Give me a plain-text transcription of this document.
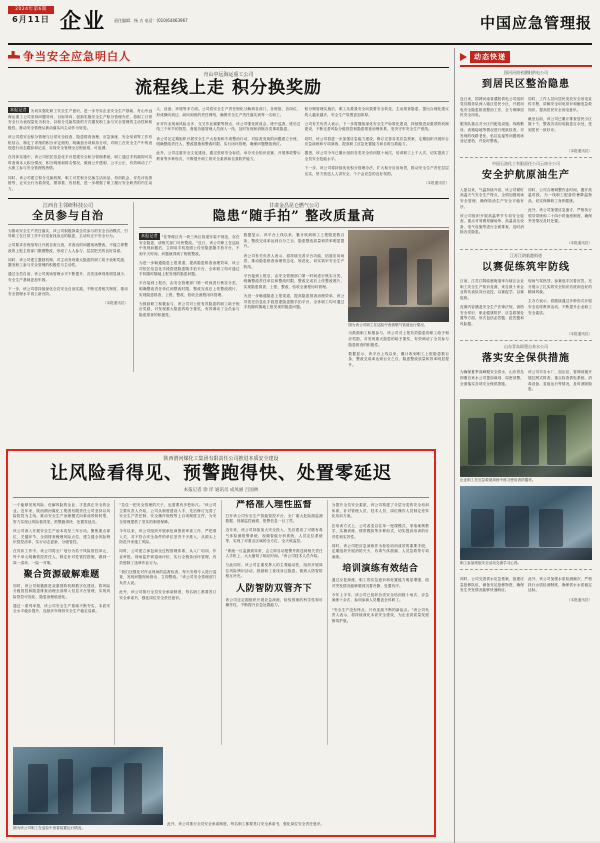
2024年第6期
6月11日 企业 责任编辑：杨 吉 电话：(010)64463967	中国应急管理报
争当安全应急明白人
舟山中远海运重工公司
流程线上走 积分换奖励

本报记者 为切实强化职工安全生产意识，进一步夯实企业安全生产基础，舟山中远海运重工公司坚持问题导向、目标导向，创新实施安全生产积分管理办法，将职工日常安全行为表现量化为积分，以积分兑换奖励的方式激发职工参与安全管理的主动性和积极性，推动安全管理从被动落实向主动作为转变。

该公司将安全积分管理与日常安全检查、隐患排查治理、应急演练、安全培训等工作有机结合，制定了详细的积分评定细则，明确加分项和扣分项，对职工在安全生产中的表现进行动态跟踪和记录，实现安全管理全过程留痕、可追溯。

在具体实施中，该公司依托信息化平台搭建安全积分管理系统，职工通过手机端即可实时查询本人积分情况、积分明细和排名情况，做到公开透明、公平公正，有效调动了广大职工参与安全管理的热情。

同时，该公司建立积分兑换机制，职工可凭积分兑换生活用品、培训机会、评先评优资格等，让安全行为看得见、摸得着、有回报，进一步增强了职工履行安全职责的内生动力。

人、设备、环境等多方面。公司将安全生产责任细化分解到各部门、各班组、各岗位，形成横向到边、纵向到底的责任网络，确保安全生产责任落实到每一名职工。

针对作业现场风险点多、交叉作业频繁等特点，该公司强化班前会、班中巡查、班后总结三个环节的管控，督促各级管理人员深入一线，及时发现和消除各类事故隐患。

该公司还定期组织开展安全生产大检查和专项整治行动，对检查发现的问题建立台账，明确整改责任人、整改措施和整改时限，实行闭环管理，确保问题整改到位。

此外，公司注重安全文化建设，通过张贴安全标语、举办安全知识竞赛、开展事故警示教育等多种形式，不断提升职工的安全素养和自我防护能力。

积分制管理实施后，职工从要我安全向我要安全转变，主动排查隐患、提出合理化建议的人越来越多，安全生产氛围更加浓厚。

公司有关负责人表示，下一步将继续深化安全生产标准化建设，持续推进双重预防机制建设，不断完善风险分级管控和隐患排查治理体系，坚决守牢安全生产底线。

同时，该公司将进一步加强应急能力建设，修订完善各类应急预案，定期组织开展综合应急演练和专项演练，提高职工应急处置能力和自救互救能力。

据悉，该公司今年已累计组织各类安全培训数十场次，培训职工上千人次，切实提高了全员安全技能水平。

下一步，该公司将持续优化积分管理办法，扩大积分应用场景，推动安全生产责任层层压实，努力营造人人讲安全、个个会应急的良好氛围。

（本报通讯员）
江西自主邻研科技公司
全员参与自治

为推动安全生产责任落实，该公司积极探索全员参与的安全自治模式，引导职工在日常工作中自觉查找身边的隐患，主动纠正不安全行为。

公司要求各班组每日开展自查互查，对查出的问题现场整改，不能立即整改的上报主管部门限期整改，形成了人人参与、层层把关的良好局面。

同时，该公司建立激励机制，对主动发现重大隐患的职工给予表彰奖励，激发职工参与安全管理的积极性与主动性。

通过全员自治，该公司现场管理水平不断提升，各类违章现象明显减少，安全生产基础更加牢固。

下一步，该公司将持续深化全员安全自治实践，不断完善相关制度，推动安全管理水平再上新台阶。

（本报通讯员）
甘肃金昌昆仑燃气公司
隐患“随手拍” 整改质量高

本报记者 “在等候区有一块三角区管道安装不规范，存在安全隐患，请相关部门尽快整改。”近日，该公司职工在巡检中发现问题后，立即用手机拍照上传至隐患随手拍平台，不到半天时间，问题就得到了彻底整改。

为进一步畅通隐患上报渠道，提高隐患排查治理效率，该公司依托信息化手段搭建隐患随手拍平台，全体职工均可通过手机随时随地上报发现的隐患问题。

平台接到上报后，由安全管理部门第一时间进行核实分类，明确整改责任单位和整改时限，整改完成后上传整改照片，实现隐患排查、上报、整改、验收全流程闭环管理。

为鼓励职工积极参与，该公司对上报有效隐患的职工给予相应奖励，对发现重大隐患的给予重奖，有效调动了全员参与隐患排查的积极性。

数据显示，该平台上线以来，累计收到职工上报隐患数百条，整改完成率达到百分之百，隐患整改质量和效率明显提升。

该公司有关负责人表示，将持续完善平台功能，拓展应用场景，推动隐患排查治理常态化、规范化，切实筑牢安全生产防线。

平台接到上报后，由安全管理部门第一时间进行核实分类，明确整改责任单位和整改时限，整改完成后上传整改照片，实现隐患排查、上报、整改、验收全流程闭环管理。

为进一步畅通隐患上报渠道，提高隐患排查治理效率，该公司依托信息化手段搭建隐患随手拍平台，全体职工均可通过手机随时随地上报发现的隐患问题。

图为该公司职工在巡检中查看燃气管道运行情况。

为鼓励职工积极参与，该公司对上报有效隐患的职工给予相应奖励，对发现重大隐患的给予重奖，有效调动了全员参与隐患排查的积极性。

数据显示，该平台上线以来，累计收到职工上报隐患数百条，整改完成率达到百分之百，隐患整改质量和效率明显提升。

动态快递
国河河南省濮阳供电公司
到居民区整治隐患

连日来，国网河南省濮阳供电公司组织党员服务队深入辖区居民小区，开展用电安全隐患排查整治工作，全力保障居民安全用电。

服务队重点对小区内配电设施、线路敷设、表箱接地等情况进行细致检查，对发现的线路老化、私拉乱接等问题现场登记建档，并及时整改。

同时，工作人员向居民发放安全用电宣传手册，讲解安全用电常识和触电急救知识，提高居民安全用电意识。

截至目前，该公司已累计排查居民小区数十个，整改各类用电隐患百余处，受到居民一致好评。

（本报通讯员）
中国石油化工有限责任公司云南分公司
安全护航原油生产

入夏以来，气温持续升高，该公司紧盯高温天气安全生产特点，全面加强现场安全管理，确保原油生产安全平稳有序。

该公司组织开展高温季节专项安全检查，重点对易燃易爆场所、高温高压设备、电气设施等进行全面排查，及时消除各类隐患。

同时，公司合理调整作业时间，避开高温时段，为一线职工配备防暑降温物品，切实保障职工身体健康。

此外，该公司加强应急值守，严格执行领导带班和二十四小时值班制度，确保突发情况及时处置。

（本报通讯员）
江苏江阴临港街道
以赛促练筑牢防线

日前，江苏江阴临港街道举办辖区企业职工安全生产知识竞赛，来自数十家企业的代表队同台竞技，以赛促学、以赛促练。

竞赛内容涵盖安全生产法律法规、消防安全常识、职业健康防护、应急救援处置等方面，形式包括必答题、抢答题和风险题。

现场气氛热烈，参赛选手沉着应答，充分展示了扎实的安全知识功底和良好的精神风貌。

主办方表示，将继续通过多种形式开展安全宣传教育活动，不断提升企业职工安全素质。

（本报通讯员）
山东青岛即墨自来水公司
落实安全保供措施

为确保夏季高峰期安全供水，山东青岛即墨自来水公司提前谋划、周密部署，全面落实各项安全保供措施。

该公司对各水厂、加压站、管网设施开展拉网式排查，重点检查供电系统、消毒设备、泵组运行等情况，及时消除隐患。

企业职工在应急救援演练中练习使用消防器材。
职工参加班组安全活动交流学习心得。

同时，公司完善供水应急预案，组建应急抢修队伍，储备充足抢修物资，确保发生突发情况能够快速响应。

此外，该公司加强水质检测频次，严格执行水质检测制度，确保供水水质稳定达标。

（本报通讯员）
陕西渭河煤化工集团有限责任公司推进本质安全建设
让风险看得见、预警跑得快、处置零延迟
本报记者 徐 洋 通讯员 成凤丽 吕国林

一个能够发现风险、化解风险的企业，才是真正安全的企业。近年来，陕西渭河煤化工集团有限责任公司坚持以风险防控为主线，推动安全生产治理模式向事前预防转型，努力实现让风险看得见、预警跑得快、处置零延迟。

该公司深入开展安全生产治本攻坚三年行动，聚焦重点部位、关键环节，全面排查梳理风险点位，建立健全风险辨识管控清单，实行动态更新、分级管控。

在具体工作中，该公司将全厂划分为若干风险管控单元，每个单元明确管控责任人，制定针对性管控措施，做到一岗一清单、一险一对策。

聚合资源破解难题

同时，该公司积极推进双重预防机制数字化建设，将风险分级管控和隐患排查治理全部纳入信息平台管理，实现风险管控可视化、隐患治理痕迹化。

通过一系列举措，该公司安全生产基础不断夯实，本质安全水平稳步提升，连续多年保持安全生产稳定局面。

“拉住一把安全管理的尺子，也需要有多把标尺。”该公司主要负责人介绍，公司从制度建设入手，先后修订完善了安全生产责任制、安全操作规程等上百项制度文件，为安全管理提供了坚实的制度保障。

今年以来，该公司组织开展承包商资质审查工作，严把准入关，对不符合安全条件的单位坚决不予准入，从源头上防范外来施工风险。

同时，公司建立承包商全过程管理体系，从入厂培训、作业审批、现场监护到退场评价，实行全链条闭环管理，有效遏制了违章作业行为。

“我们还强化对作业现场的监督检查，每天安排专人进行巡查，发现问题现场指出、立即整改。”该公司安全管理部门负责人说。

此外，该公司推行全员安全承诺制度，每名职工都要签订安全承诺书，强化岗位安全责任意识。

严格准入理性监督

打开该公司安全生产智能管控平台，全厂重大危险源监测数据、视频监控画面、报警信息一目了然。

近年来，该公司持续加大安全投入，先后建成了可燃有毒气体检测报警系统、视频智能分析系统、人员定位系统等，实现了对重点区域的全方位、全天候监控。

“系统一旦监测到异常，会立即自动报警并推送到相关责任人手机上，大大缩短了响应时间。”该公司技术人员介绍。

与此同时，该公司注重发挥人的主观能动性，组织开展岗位风险辨识活动，鼓励职工查找身边隐患，做到人防智防相互补充。

人防智防双管齐下

该公司还定期组织开展应急演练，检验预案的科学性和可操作性，不断提升应急处置能力。

为提升全员安全素质，该公司构建了分层分类的安全培训体系，针对管理人员、技术人员、岗位操作人员制定差异化培训方案。

在培训方式上，公司改变以往单一授课模式，采取案例教学、实操训练、情景模拟等多种形式，切实提高培训的针对性和实效性。

同时，该公司把应急演练作为检验培训成效的重要手段，定期组织开展消防灭火、有毒气体泄漏、人员急救等专项演练。

培训演练有效结合

通过反复演练，职工的应急意识和处置能力明显增强，面对突发情况能够做到沉着冷静、处置有序。

今年上半年，该公司已组织各类安全培训数十场次、应急演练十余次，参训参演人员覆盖全体职工。

“安全生产没有终点，只有连续不断的新起点。”该公司负责人表示，将持续深化本质安全建设，为企业高质量发展保驾护航。

图为该公司职工在巡检中查看装置运行情况。

此外，该公司推行全员安全承诺制度，每名职工都要签订安全承诺书，强化岗位安全责任意识。
